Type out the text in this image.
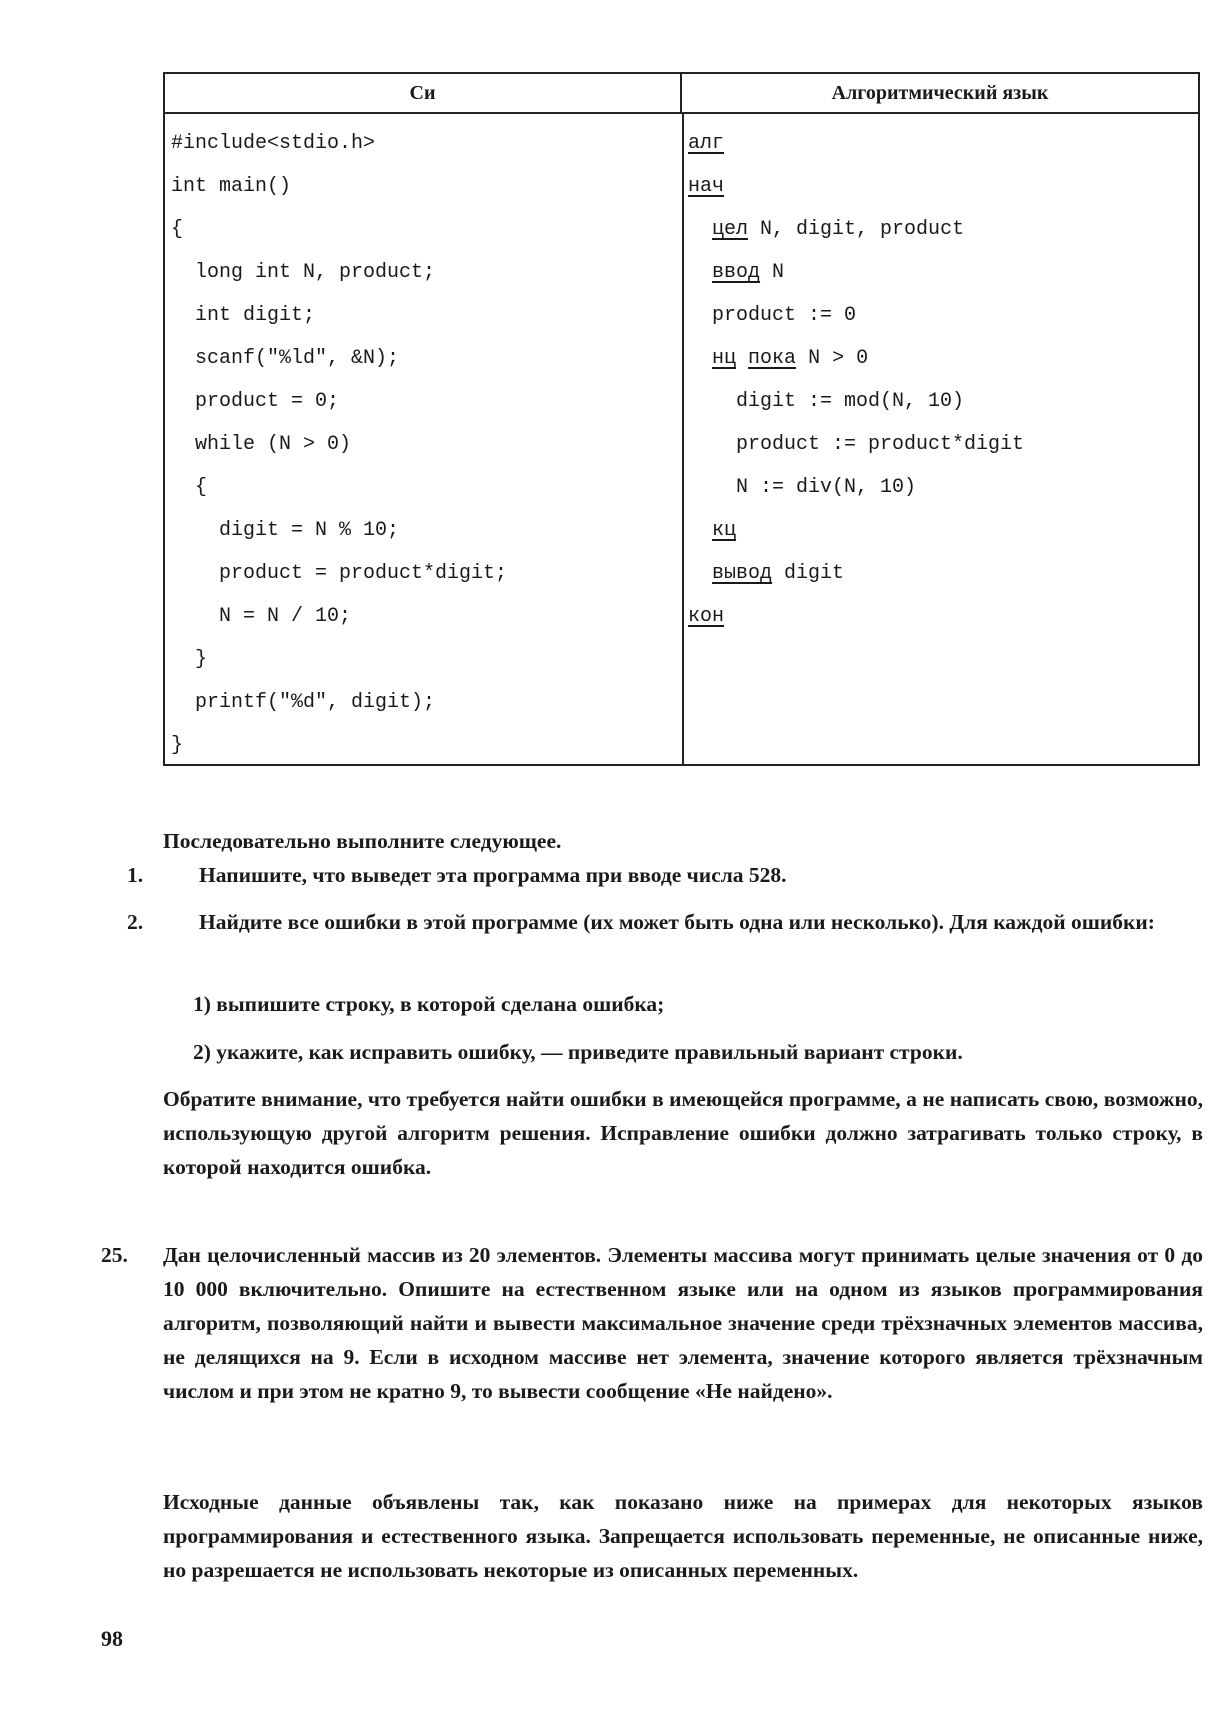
Си	Алгоритмический язык
#include<stdio.h>
int main()
{
long int N, product;
int digit;
scanf("%ld", &N);
product = 0;
while (N > 0)
{
digit = N % 10;
product = product*digit;
N = N / 10;
}
printf("%d", digit);
}
алг
нач
цел N, digit, product
ввод N
product := 0
нц пока N > 0
digit := mod(N, 10)
product := product*digit
N := div(N, 10)
кц
вывод digit
кон
Последовательно выполните следующее.
1.	Напишите, что выведет эта программа при вводе числа 528.
2.	Найдите все ошибки в этой программе (их может быть одна или несколько). Для каждой ошибки:
1) выпишите строку, в которой сделана ошибка;
2) укажите, как исправить ошибку, — приведите правильный вариант строки.
Обратите внимание, что требуется найти ошибки в имеющейся программе, а не написать свою, возможно, использующую другой алгоритм решения. Исправление ошибки должно затрагивать только строку, в которой находится ошибка.
25. Дан целочисленный массив из 20 элементов. Элементы массива могут принимать целые значения от 0 до 10 000 включительно. Опишите на естественном языке или на одном из языков программирования алгоритм, позволяющий найти и вывести максимальное значение среди трёхзначных элементов массива, не делящихся на 9. Если в исходном массиве нет элемента, значение которого является трёхзначным числом и при этом не кратно 9, то вывести сообщение «Не найдено».
Исходные данные объявлены так, как показано ниже на примерах для некоторых языков программирования и естественного языка. Запрещается использовать переменные, не описанные ниже, но разрешается не использовать некоторые из описанных переменных.
98
